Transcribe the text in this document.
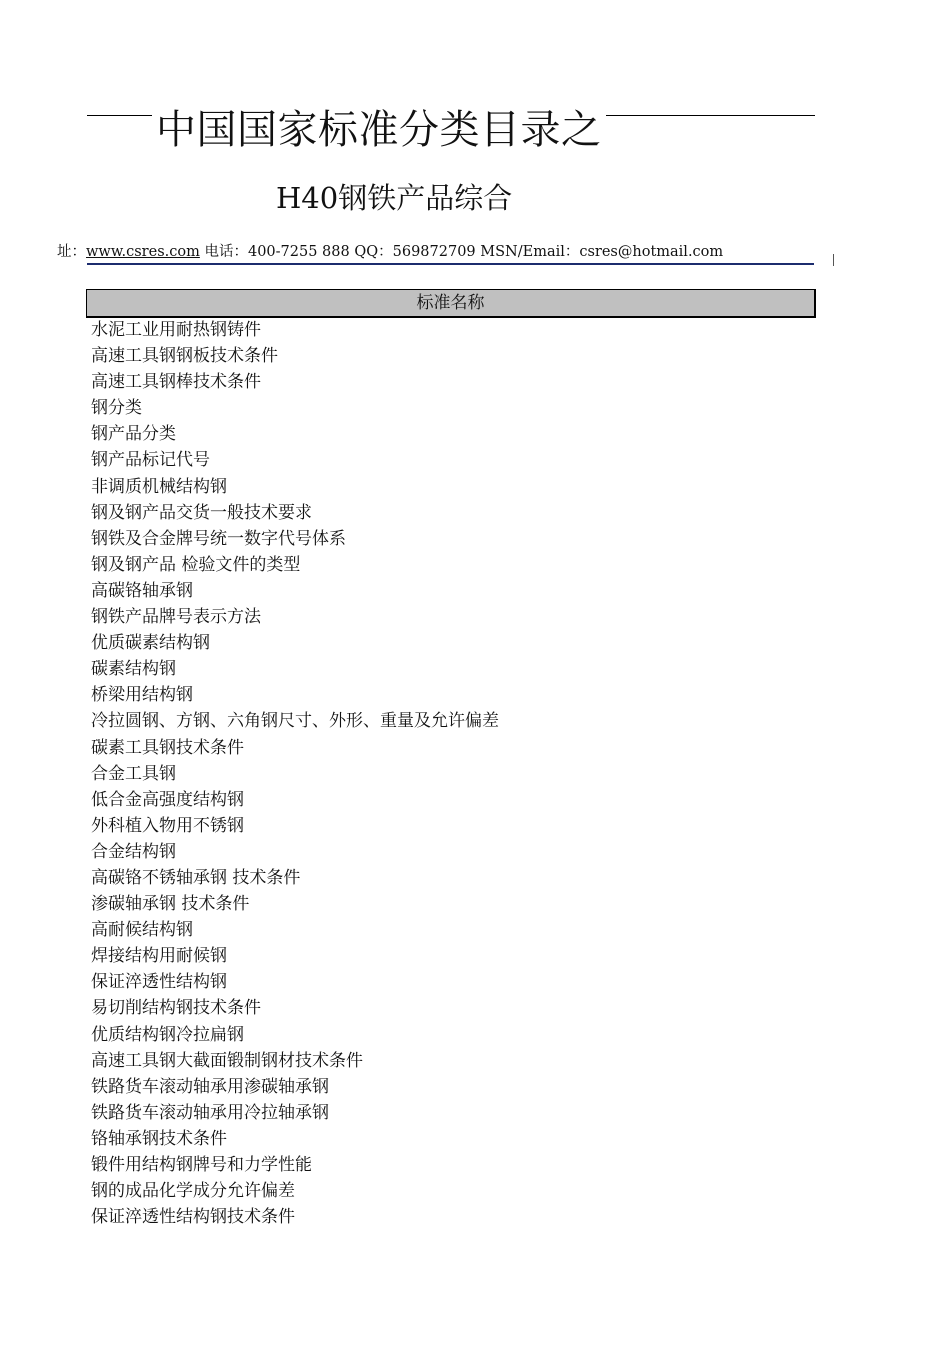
中国国家标准分类目录之
H40钢铁产品综合
址：www.csres.com 电话：400-7255 888 QQ：569872709 MSN/Email：csres@hotmail.com
标准名称
水泥工业用耐热钢铸件
高速工具钢钢板技术条件
高速工具钢棒技术条件
钢分类
钢产品分类
钢产品标记代号
非调质机械结构钢
钢及钢产品交货一般技术要求
钢铁及合金牌号统一数字代号体系
钢及钢产品 检验文件的类型
高碳铬轴承钢
钢铁产品牌号表示方法
优质碳素结构钢
碳素结构钢
桥梁用结构钢
冷拉圆钢、方钢、六角钢尺寸、外形、重量及允许偏差
碳素工具钢技术条件
合金工具钢
低合金高强度结构钢
外科植入物用不锈钢
合金结构钢
高碳铬不锈轴承钢 技术条件
渗碳轴承钢 技术条件
高耐候结构钢
焊接结构用耐候钢
保证淬透性结构钢
易切削结构钢技术条件
优质结构钢冷拉扁钢
高速工具钢大截面锻制钢材技术条件
铁路货车滚动轴承用渗碳轴承钢
铁路货车滚动轴承用冷拉轴承钢
铬轴承钢技术条件
锻件用结构钢牌号和力学性能
钢的成品化学成分允许偏差
保证淬透性结构钢技术条件
